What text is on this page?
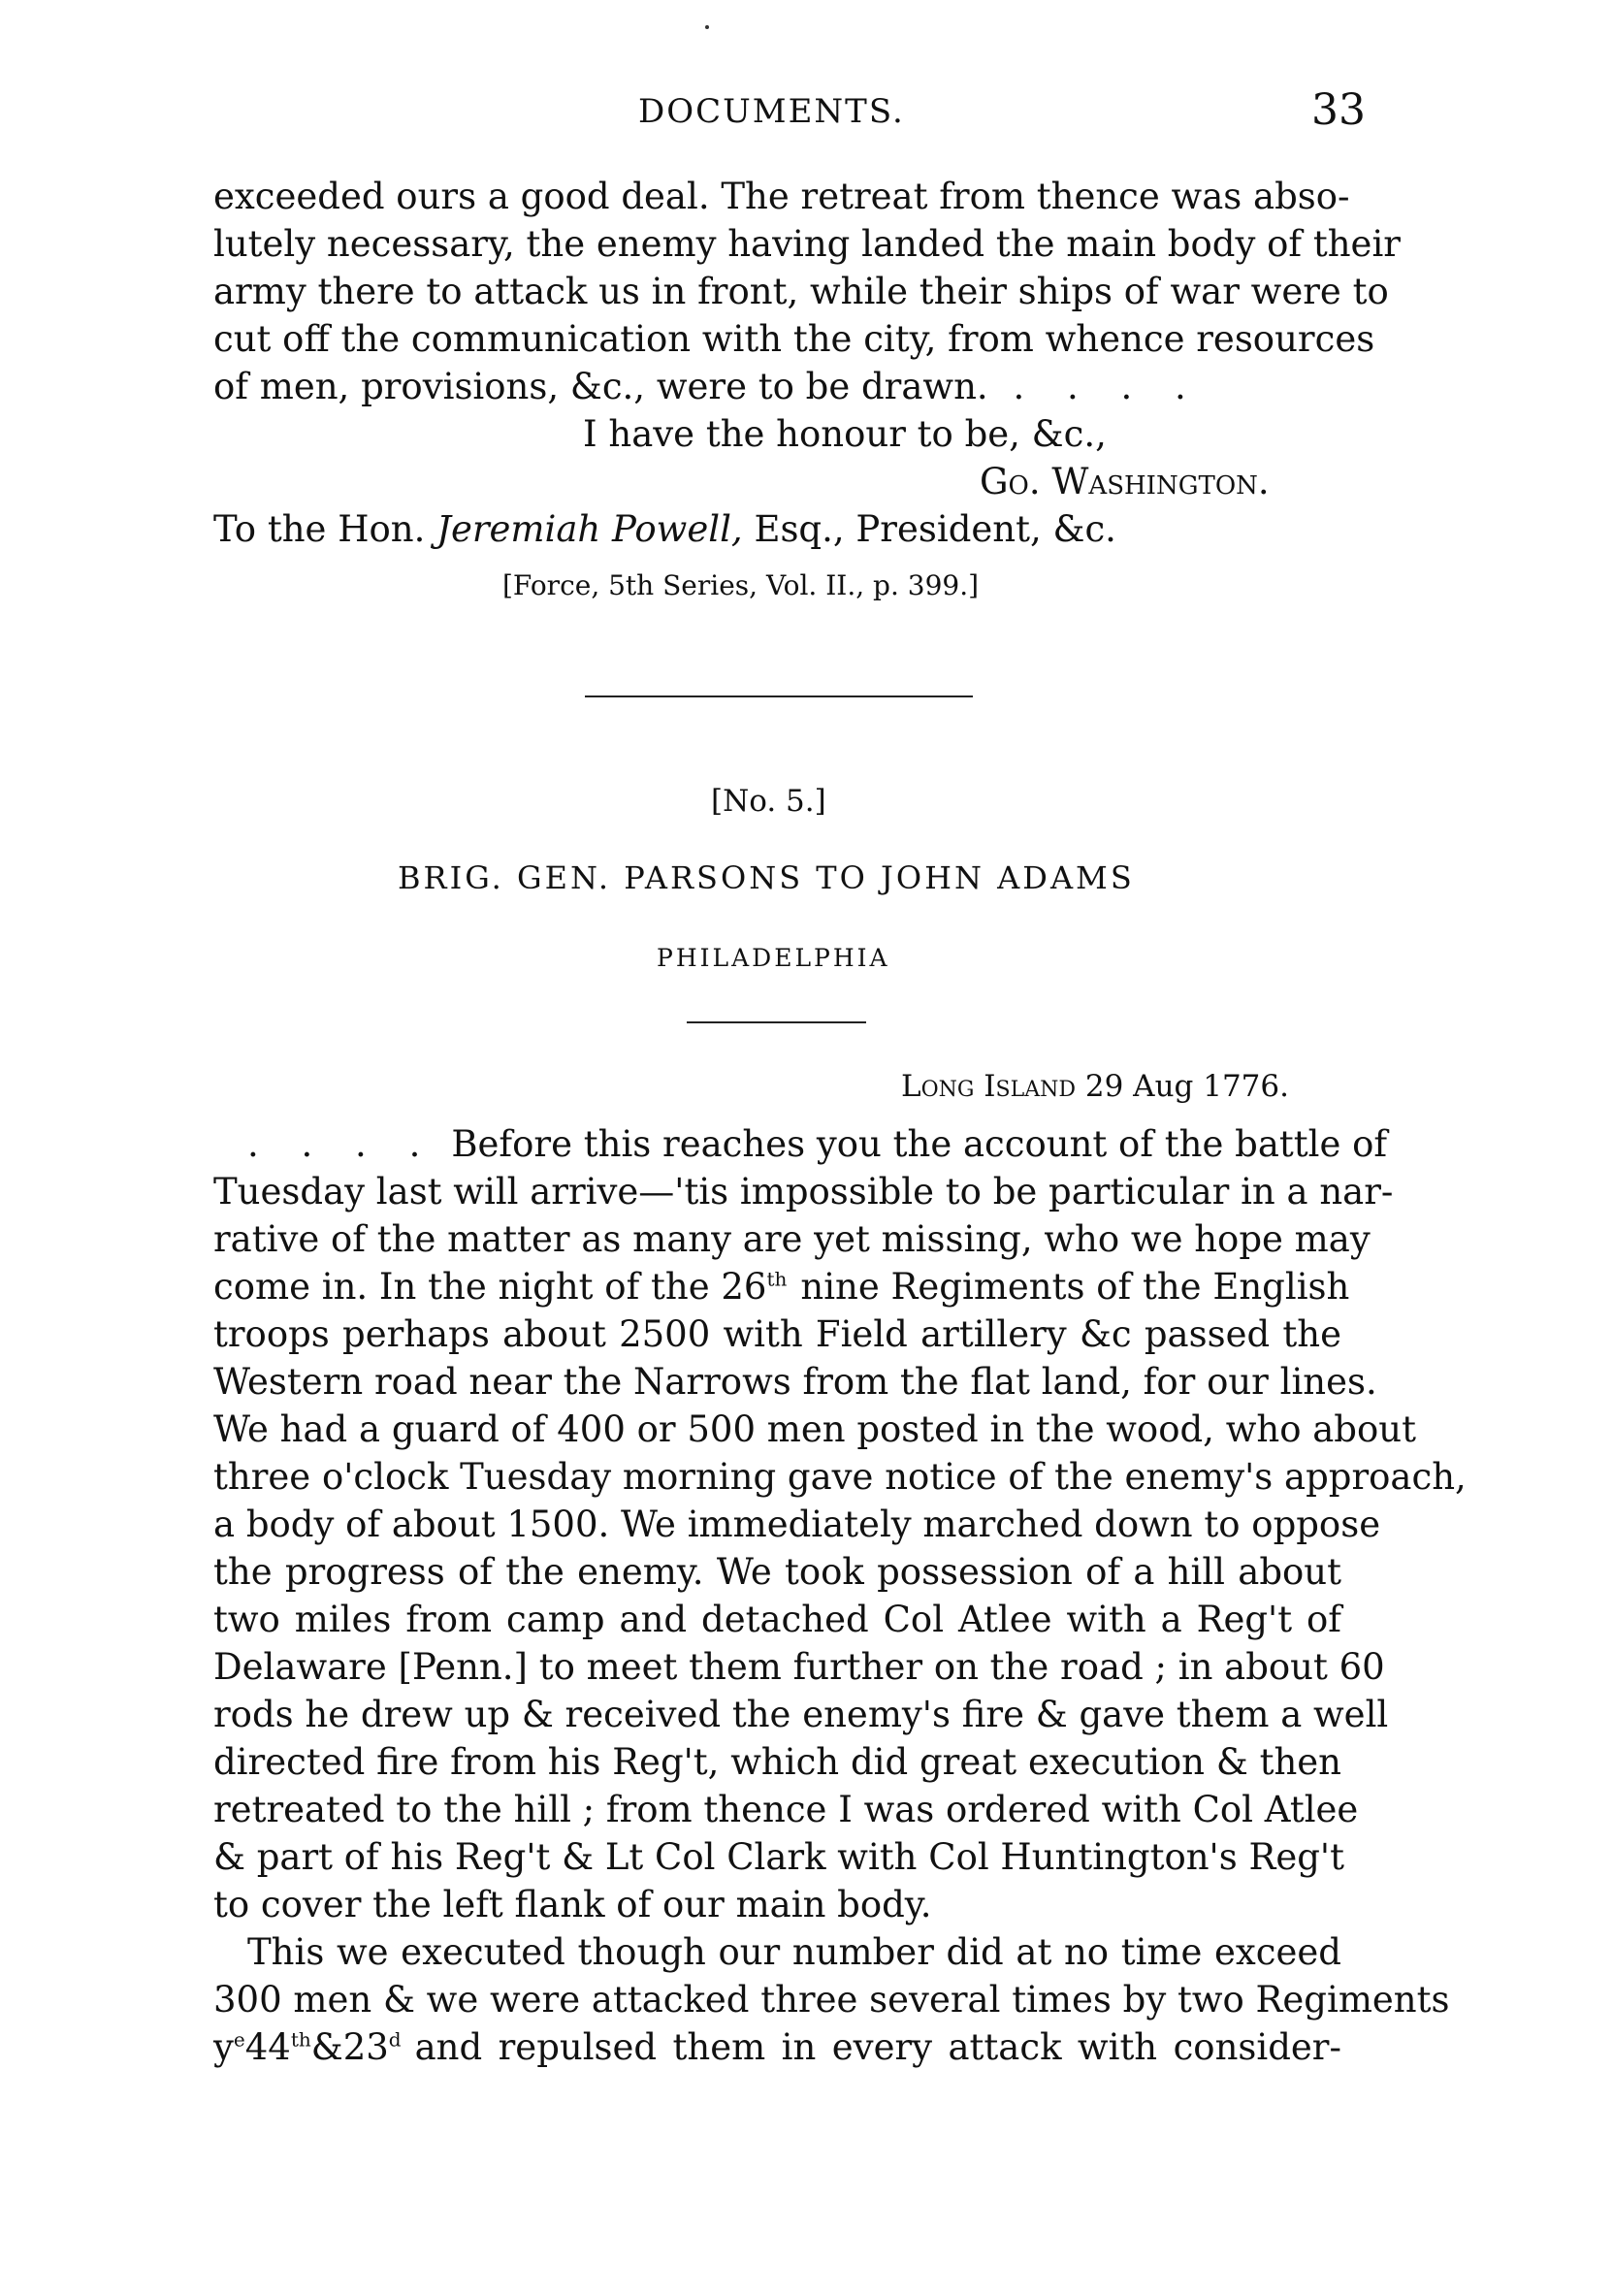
DOCUMENTS.	33
exceeded ours a good deal. The retreat from thence was abso-
lutely necessary, the enemy having landed the main body of their
army there to attack us in front, while their ships of war were to
cut off the communication with the city, from whence resources
of men, provisions, &c., were to be drawn. . . . .
I have the honour to be, &c.,
Go. Washington.
To the Hon. Jeremiah Powell, Esq., President, &c.
[Force, 5th Series, Vol. II., p. 399.]
[No. 5.]
BRIG. GEN. PARSONS TO JOHN ADAMS
PHILADELPHIA
Long Island 29 Aug 1776.
. . . . Before this reaches you the account of the battle of
Tuesday last will arrive—'tis impossible to be particular in a nar-
rative of the matter as many are yet missing, who we hope may
come in. In the night of the 26th nine Regiments of the English
troops perhaps about 2500 with Field artillery &c passed the
Western road near the Narrows from the flat land, for our lines.
We had a guard of 400 or 500 men posted in the wood, who about
three o'clock Tuesday morning gave notice of the enemy's approach,
a body of about 1500. We immediately marched down to oppose
the progress of the enemy. We took possession of a hill about
two miles from camp and detached Col Atlee with a Reg't of
Delaware [Penn.] to meet them further on the road ; in about 60
rods he drew up & received the enemy's fire & gave them a well
directed fire from his Reg't, which did great execution & then
retreated to the hill ; from thence I was ordered with Col Atlee
& part of his Reg't & Lt Col Clark with Col Huntington's Reg't
to cover the left flank of our main body.
This we executed though our number did at no time exceed
300 men & we were attacked three several times by two Regiments
$y^e$ 44th & 23$^d$ and repulsed them in every attack with consider-
